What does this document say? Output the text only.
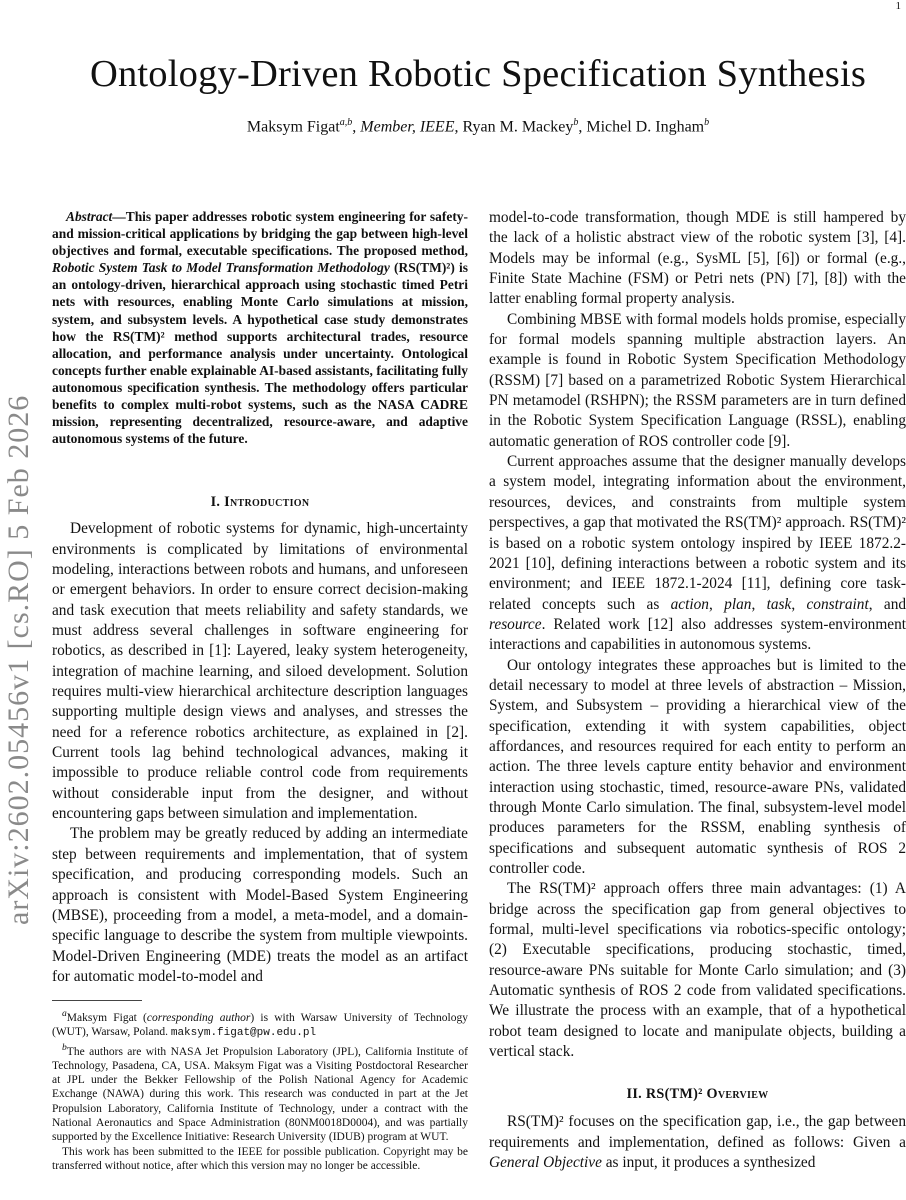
1
arXiv:2602.05456v1 [cs.RO] 5 Feb 2026
Ontology-Driven Robotic Specification Synthesis
Maksym Figat$^{a,b}$, Member, IEEE, Ryan M. Mackey$^b$, Michel D. Ingham$^b$

Abstract—This paper addresses robotic system engineering for safety- and mission-critical applications by bridging the gap between high-level objectives and formal, executable specifications. The proposed method, Robotic System Task to Model Transformation Methodology (RS(TM)²) is an ontology-driven, hierarchical approach using stochastic timed Petri nets with resources, enabling Monte Carlo simulations at mission, system, and subsystem levels. A hypothetical case study demonstrates how the RS(TM)² method supports architectural trades, resource allocation, and performance analysis under uncertainty. Ontological concepts further enable explainable AI-based assistants, facilitating fully autonomous specification synthesis. The methodology offers particular benefits to complex multi-robot systems, such as the NASA CADRE mission, representing decentralized, resource-aware, and adaptive autonomous systems of the future.

I. Introduction

Development of robotic systems for dynamic, high-uncertainty environments is complicated by limitations of environmental modeling, interactions between robots and humans, and unforeseen or emergent behaviors. In order to ensure correct decision-making and task execution that meets reliability and safety standards, we must address several challenges in software engineering for robotics, as described in [1]: Layered, leaky system heterogeneity, integration of machine learning, and siloed development. Solution requires multi-view hierarchical architecture description languages supporting multiple design views and analyses, and stresses the need for a reference robotics architecture, as explained in [2]. Current tools lag behind technological advances, making it impossible to produce reliable control code from requirements without considerable input from the designer, and without encountering gaps between simulation and implementation.

The problem may be greatly reduced by adding an intermediate step between requirements and implementation, that of system specification, and producing corresponding models. Such an approach is consistent with Model-Based System Engineering (MBSE), proceeding from a model, a meta-model, and a domain-specific language to describe the system from multiple viewpoints. Model-Driven Engineering (MDE) treats the model as an artifact for automatic model-to-model and

$^a$Maksym Figat (corresponding author) is with Warsaw University of Technology (WUT), Warsaw, Poland. maksym.figat@pw.edu.pl

$^b$The authors are with NASA Jet Propulsion Laboratory (JPL), California Institute of Technology, Pasadena, CA, USA. Maksym Figat was a Visiting Postdoctoral Researcher at JPL under the Bekker Fellowship of the Polish National Agency for Academic Exchange (NAWA) during this work. This research was conducted in part at the Jet Propulsion Laboratory, California Institute of Technology, under a contract with the National Aeronautics and Space Administration (80NM0018D0004), and was partially supported by the Excellence Initiative: Research University (IDUB) program at WUT.

This work has been submitted to the IEEE for possible publication. Copyright may be transferred without notice, after which this version may no longer be accessible.

model-to-code transformation, though MDE is still hampered by the lack of a holistic abstract view of the robotic system [3], [4]. Models may be informal (e.g., SysML [5], [6]) or formal (e.g., Finite State Machine (FSM) or Petri nets (PN) [7], [8]) with the latter enabling formal property analysis.

Combining MBSE with formal models holds promise, especially for formal models spanning multiple abstraction layers. An example is found in Robotic System Specification Methodology (RSSM) [7] based on a parametrized Robotic System Hierarchical PN metamodel (RSHPN); the RSSM parameters are in turn defined in the Robotic System Specification Language (RSSL), enabling automatic generation of ROS controller code [9].

Current approaches assume that the designer manually develops a system model, integrating information about the environment, resources, devices, and constraints from multiple system perspectives, a gap that motivated the RS(TM)² approach. RS(TM)² is based on a robotic system ontology inspired by IEEE 1872.2-2021 [10], defining interactions between a robotic system and its environment; and IEEE 1872.1-2024 [11], defining core task-related concepts such as action, plan, task, constraint, and resource. Related work [12] also addresses system-environment interactions and capabilities in autonomous systems.

Our ontology integrates these approaches but is limited to the detail necessary to model at three levels of abstraction – Mission, System, and Subsystem – providing a hierarchical view of the specification, extending it with system capabilities, object affordances, and resources required for each entity to perform an action. The three levels capture entity behavior and environment interaction using stochastic, timed, resource-aware PNs, validated through Monte Carlo simulation. The final, subsystem-level model produces parameters for the RSSM, enabling synthesis of specifications and subsequent automatic synthesis of ROS 2 controller code.

The RS(TM)² approach offers three main advantages: (1) A bridge across the specification gap from general objectives to formal, multi-level specifications via robotics-specific ontology; (2) Executable specifications, producing stochastic, timed, resource-aware PNs suitable for Monte Carlo simulation; and (3) Automatic synthesis of ROS 2 code from validated specifications. We illustrate the process with an example, that of a hypothetical robot team designed to locate and manipulate objects, building a vertical stack.

II. RS(TM)² Overview

RS(TM)² focuses on the specification gap, i.e., the gap between requirements and implementation, defined as follows: Given a General Objective as input, it produces a synthesized
